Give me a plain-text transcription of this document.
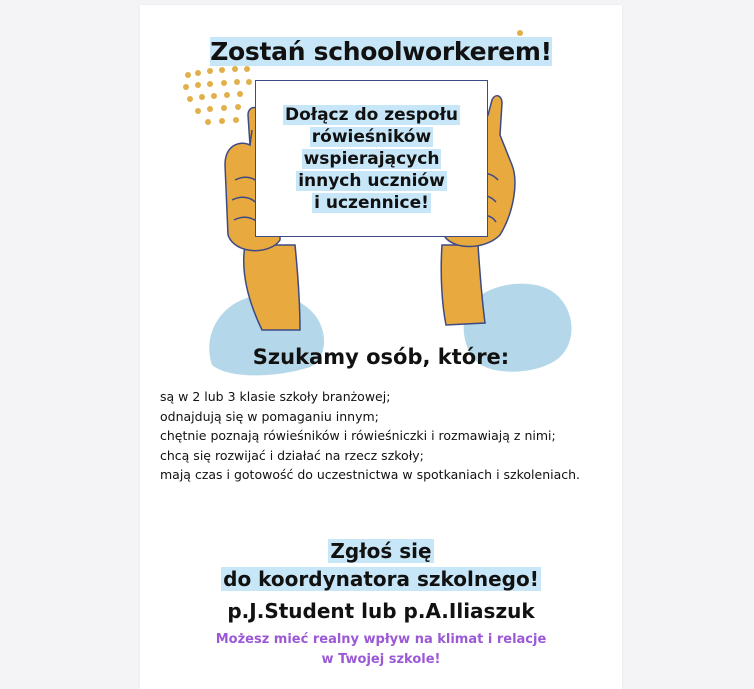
Zostań schoolworkerem!
Dołącz do zespołu
rówieśników
wspierających
innych uczniów
i uczennice!
Szukamy osób, które:
są w 2 lub 3 klasie szkoły branżowej;
odnajdują się w pomaganiu innym;
chętnie poznają rówieśników i rówieśniczki i rozmawiają z nimi;
chcą się rozwijać i działać na rzecz szkoły;
mają czas i gotowość do uczestnictwa w spotkaniach i szkoleniach.
Zgłoś się
do koordynatora szkolnego!
p.J.Student lub p.A.Iliaszuk
Możesz mieć realny wpływ na klimat i relacje
w Twojej szkole!
